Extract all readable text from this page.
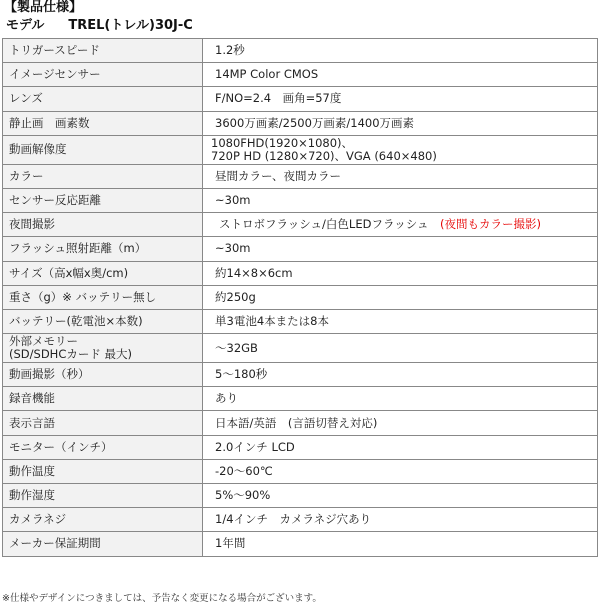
【製品仕様】
モデル TREL(トレル)30J-C
トリガースピード	1.2秒
イメージセンサー	14MP Color CMOS
レンズ	F/NO=2.4　画角=57度
静止画　画素数	3600万画素/2500万画素/1400万画素
動画解像度	1080FHD(1920×1080)、
720P HD (1280×720)、VGA (640×480)

カラー	昼間カラー、夜間カラー
センサー反応距離	~30m
夜間撮影	ストロボフラッシュ/白色LEDフラッシュ　 (夜間もカラー撮影)
フラッシュ照射距離（m）	~30m
サイズ（高x幅x奥/cm)	約14×8×6cm
重さ（g）※ バッテリー無し	約250g
バッテリー(乾電池×本数)	単3電池4本または8本

外部メモリー
(SD/SDHCカード 最大)	～32GB
動画撮影（秒）	5～180秒
録音機能	あり
表示言語	日本語/英語　(言語切替え対応)
モニター（インチ）	2.0インチ LCD
動作温度	-20～60℃
動作湿度	5%～90%
カメラネジ	1/4インチ　カメラネジ穴あり
メーカー保証期間	1年間
※仕様やデザインにつきましては、予告なく変更になる場合がございます。
